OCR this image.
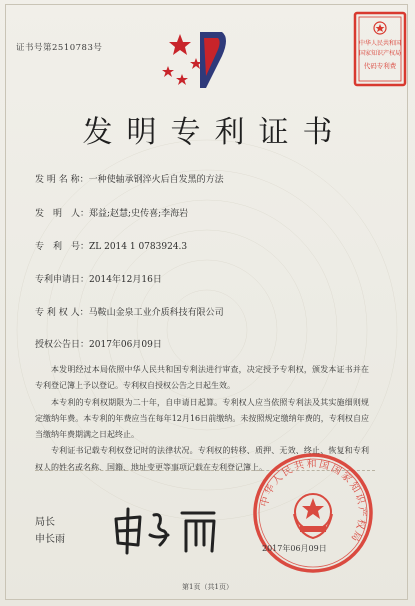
证书号第2510783号	中华人民共和国
国家知识产权局
代码专利费
发明专利证书
发 明 名 称：一种使轴承钢淬火后自发黑的方法
发　明　人：郑益;赵慧;史传喜;李海岩
专　利　号：ZL 2014 1 0783924.3
专利申请日：2014年12月16日
专 利 权 人：马鞍山金泉工业介质科技有限公司
授权公告日：2017年06月09日

本发明经过本局依照中华人民共和国专利法进行审查，决定授予专利权，颁发本证书并在专利登记簿上予以登记。专利权自授权公告之日起生效。

本专利的专利权期限为二十年，自申请日起算。专利权人应当依照专利法及其实施细则规定缴纳年费。本专利的年费应当在每年12月16日前缴纳。未按照规定缴纳年费的，专利权自应当缴纳年费期满之日起终止。

专利证书记载专利权登记时的法律状况。专利权的转移、质押、无效、终止、恢复和专利权人的姓名或名称、国籍、地址变更等事项记载在专利登记簿上。

局长
申长雨
中华人民共和国国家知识产权局
2017年06月09日
第1页（共1页）
